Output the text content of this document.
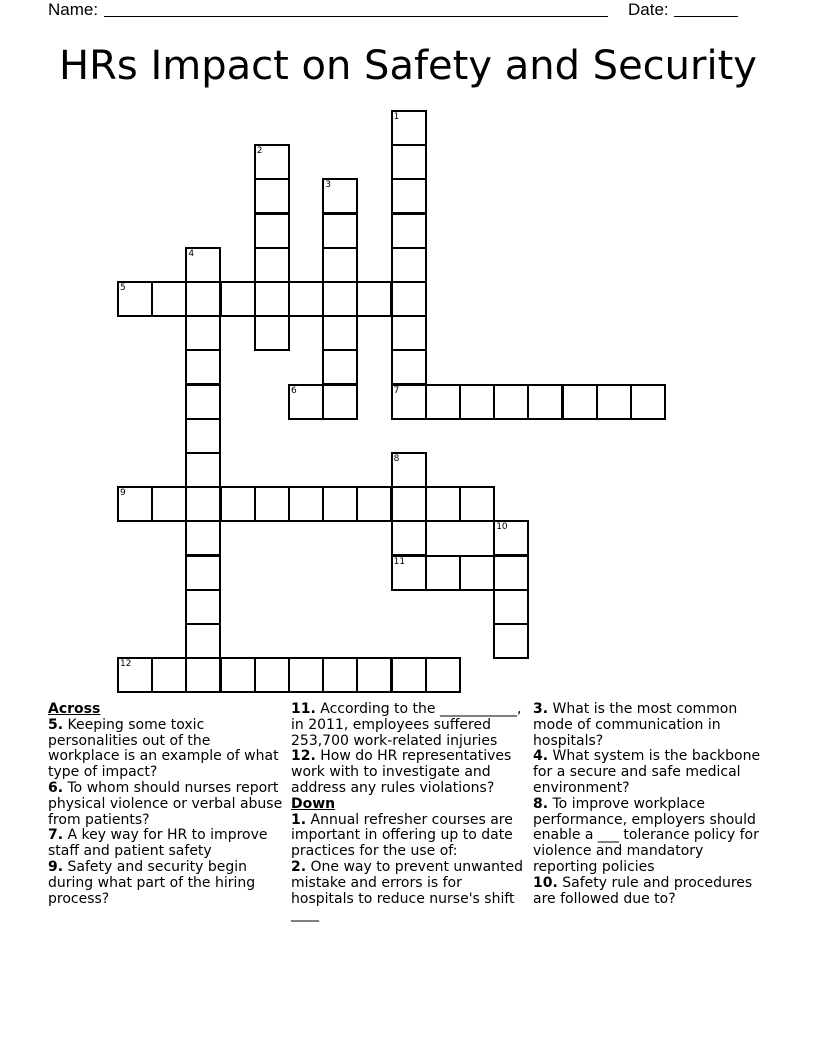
Name:	Date:
HRs Impact on Safety and Security
1
7
2
3
4
5
6
8
11
9
10
12
Across
5. Keeping some toxic personalities out of the workplace is an example of what type of impact?
6. To whom should nurses report physical violence or verbal abuse from patients?
7. A key way for HR to improve staff and patient safety
9. Safety and security begin during what part of the hiring process?
11. According to the ___________, in 2011, employees suffered 253,700 work-related injuries
12. How do HR representatives work with to investigate and address any rules violations?
Down
1. Annual refresher courses are important in offering up to date practices for the use of:
2. One way to prevent unwanted mistake and errors is for hospitals to reduce nurse's shift ____
3. What is the most common mode of communication in hospitals?
4. What system is the backbone for a secure and safe medical environment?
8. To improve workplace performance, employers should enable a ___ tolerance policy for violence and mandatory reporting policies
10. Safety rule and procedures are followed due to?
